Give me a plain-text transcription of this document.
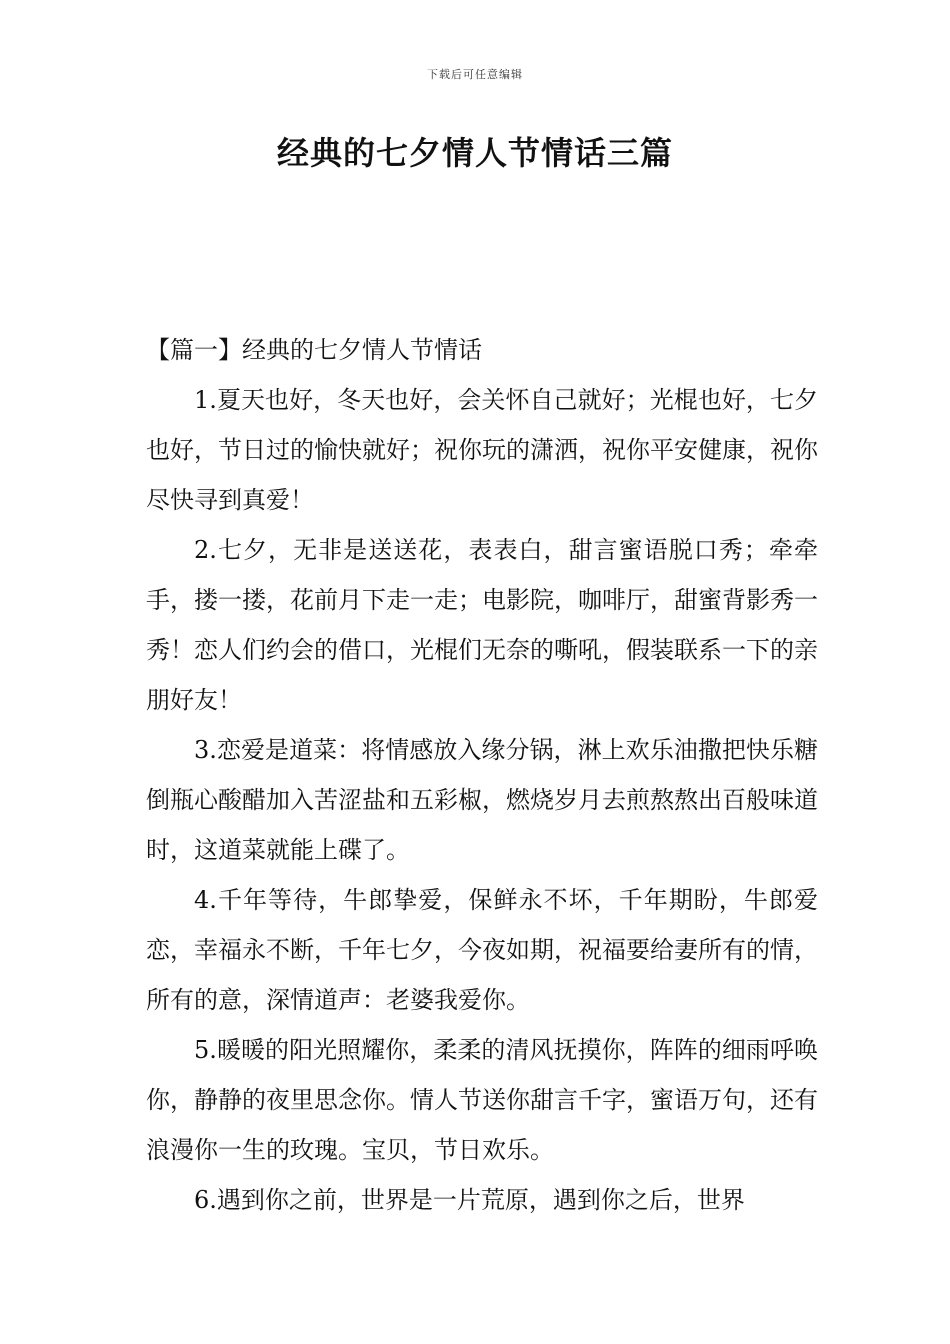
下载后可任意编辑
经典的七夕情人节情话三篇
【篇一】经典的七夕情人节情话

1.夏天也好，冬天也好，会关怀自己就好；光棍也好，七夕也好，节日过的愉快就好；祝你玩的潇洒，祝你平安健康，祝你尽快寻到真爱！

2.七夕，无非是送送花，表表白，甜言蜜语脱口秀；牵牵手，搂一搂，花前月下走一走；电影院，咖啡厅，甜蜜背影秀一秀！恋人们约会的借口，光棍们无奈的嘶吼，假装联系一下的亲朋好友！

3.恋爱是道菜：将情感放入缘分锅，淋上欢乐油撒把快乐糖倒瓶心酸醋加入苦涩盐和五彩椒，燃烧岁月去煎熬熬出百般味道时，这道菜就能上碟了。

4.千年等待，牛郎挚爱，保鲜永不坏，千年期盼，牛郎爱恋，幸福永不断，千年七夕，今夜如期，祝福要给妻所有的情，所有的意，深情道声：老婆我爱你。

5.暖暖的阳光照耀你，柔柔的清风抚摸你，阵阵的细雨呼唤你，静静的夜里思念你。情人节送你甜言千字，蜜语万句，还有浪漫你一生的玫瑰。宝贝，节日欢乐。

6.遇到你之前，世界是一片荒原，遇到你之后，世界
